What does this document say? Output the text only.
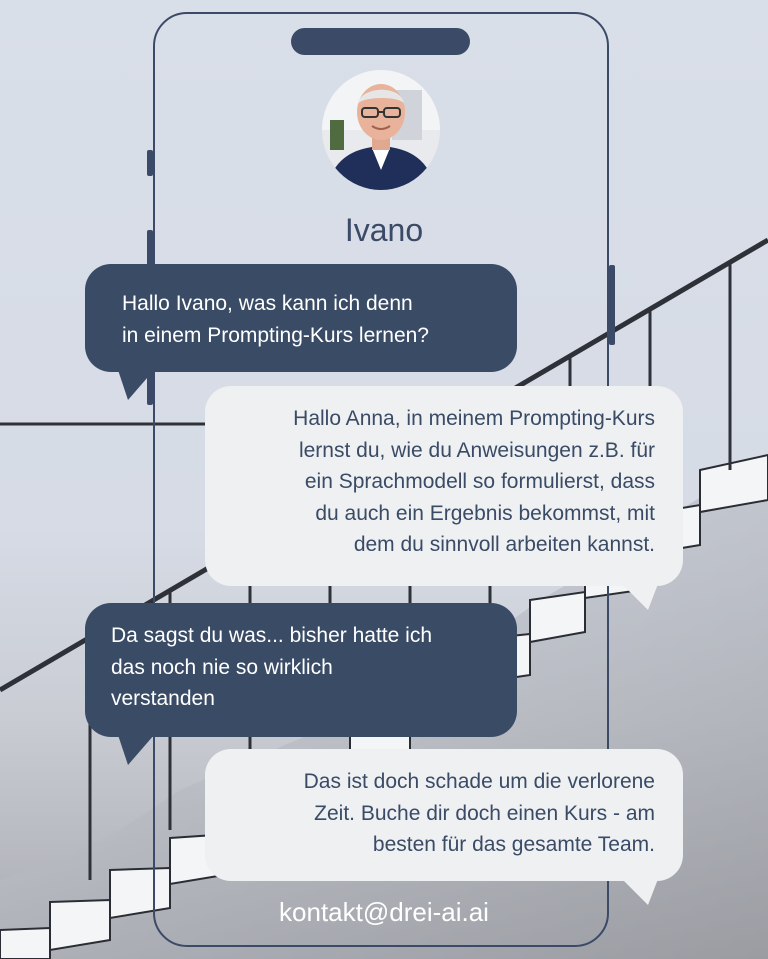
Ivano
Hallo Ivano, was kann ich denn
in einem Prompting-Kurs lernen?
Hallo Anna, in meinem Prompting-Kurs
lernst du, wie du Anweisungen z.B. für
ein Sprachmodell so formulierst, dass
du auch ein Ergebnis bekommst, mit
dem du sinnvoll arbeiten kannst.
Da sagst du was... bisher hatte ich
das noch nie so wirklich
verstanden
Das ist doch schade um die verlorene
Zeit. Buche dir doch einen Kurs - am
besten für das gesamte Team.
kontakt@drei-ai.ai
